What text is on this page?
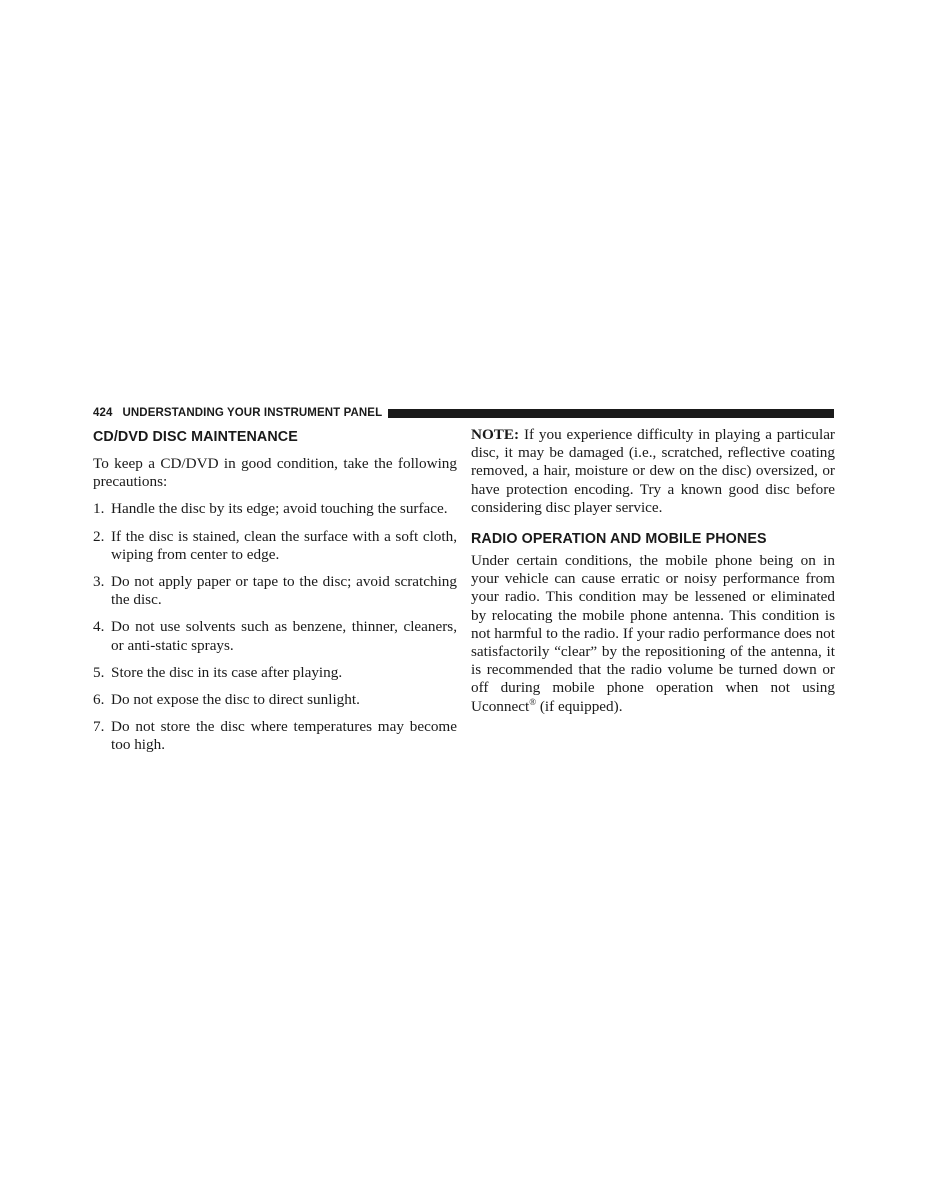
424 UNDERSTANDING YOUR INSTRUMENT PANEL
CD/DVD DISC MAINTENANCE

To keep a CD/DVD in good condition, take the following precautions:

1. Handle the disc by its edge; avoid touching the surface.
2. If the disc is stained, clean the surface with a soft cloth, wiping from center to edge.
3. Do not apply paper or tape to the disc; avoid scratching the disc.
4. Do not use solvents such as benzene, thinner, cleaners, or anti-static sprays.
5. Store the disc in its case after playing.
6. Do not expose the disc to direct sunlight.
7. Do not store the disc where temperatures may become too high.

NOTE: If you experience difficulty in playing a particular disc, it may be damaged (i.e., scratched, reflective coating removed, a hair, moisture or dew on the disc) oversized, or have protection encoding. Try a known good disc before considering disc player service.

RADIO OPERATION AND MOBILE PHONES

Under certain conditions, the mobile phone being on in your vehicle can cause erratic or noisy performance from your radio. This condition may be lessened or eliminated by relocating the mobile phone antenna. This condition is not harmful to the radio. If your radio performance does not satisfactorily “clear” by the repositioning of the antenna, it is recommended that the radio volume be turned down or off during mobile phone operation when not using Uconnect® (if equipped).
